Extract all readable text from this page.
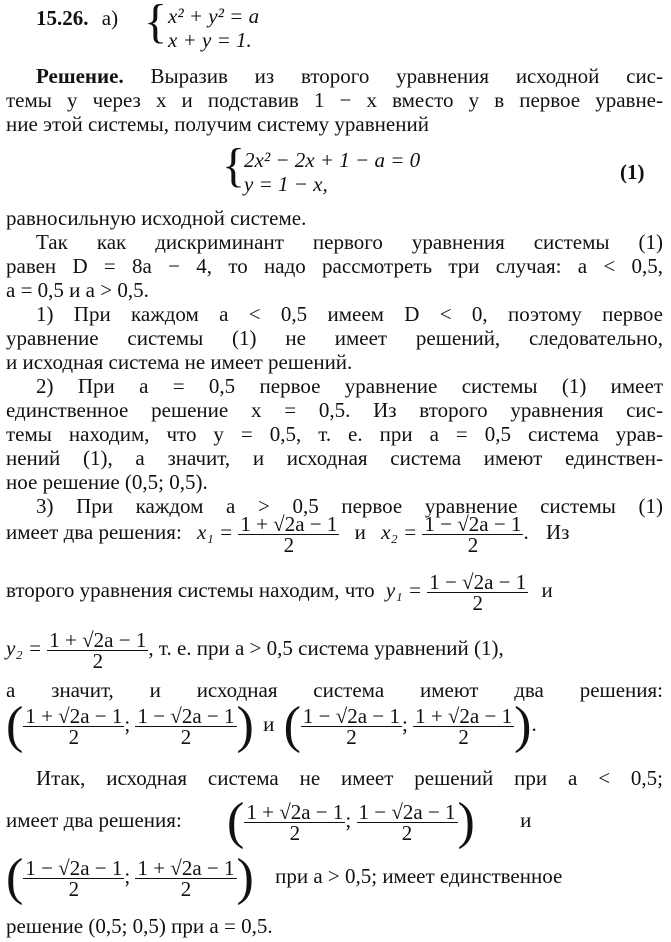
15.26. а) { x² + y² = a
x + y = 1.
Решение. Выразив из второго уравнения исходной сис-
темы y через x и подставив 1 − x вместо y в первое уравне-
ние этой системы, получим систему уравнений
{
2x² − 2x + 1 − a = 0
y = 1 − x,	(1)
равносильную исходной системе.
Так как дискриминант первого уравнения системы (1)
равен D = 8a − 4, то надо рассмотреть три случая: a < 0,5,
a = 0,5 и a > 0,5.
1) При каждом a < 0,5 имеем D < 0, поэтому первое
уравнение системы (1) не имеет решений, следовательно,
и исходная система не имеет решений.
2) При a = 0,5 первое уравнение системы (1) имеет
единственное решение x = 0,5. Из второго уравнения сис-
темы находим, что y = 0,5, т. е. при a = 0,5 система урав-
нений (1), а значит, и исходная система имеют единствен-
ное решение (0,5; 0,5).
3) При каждом a > 0,5 первое уравнение системы (1)
имеет два решения: $x_1 = \frac{1 + √2a - 1}{2}$ и $x_2 = \frac{1 - √2a - 1}{2}$ . Из
второго уравнения системы находим, что $y_1 = \frac{1 - √2a - 1}{2}$ и
$y_2 = \frac{1 + √2a - 1}{2}$ , т. е. при a > 0,5 система уравнений (1),
а значит, и исходная система имеют два решения:
( $\frac{1 + √2a - 1}{2}$ ; $\frac{1 - √2a - 1}{2}$ ) и ( $\frac{1 - √2a - 1}{2}$ ; $\frac{1 + √2a - 1}{2}$ ).
Итак, исходная система не имеет решений при a < 0,5;
имеет два решения: ( $\frac{1 + √2a - 1}{2}$ ; $\frac{1 - √2a - 1}{2}$ ) и
( $\frac{1 - √2a - 1}{2}$ ; $\frac{1 + √2a - 1}{2}$ ) при a > 0,5; имеет единственное
решение (0,5; 0,5) при a = 0,5.
